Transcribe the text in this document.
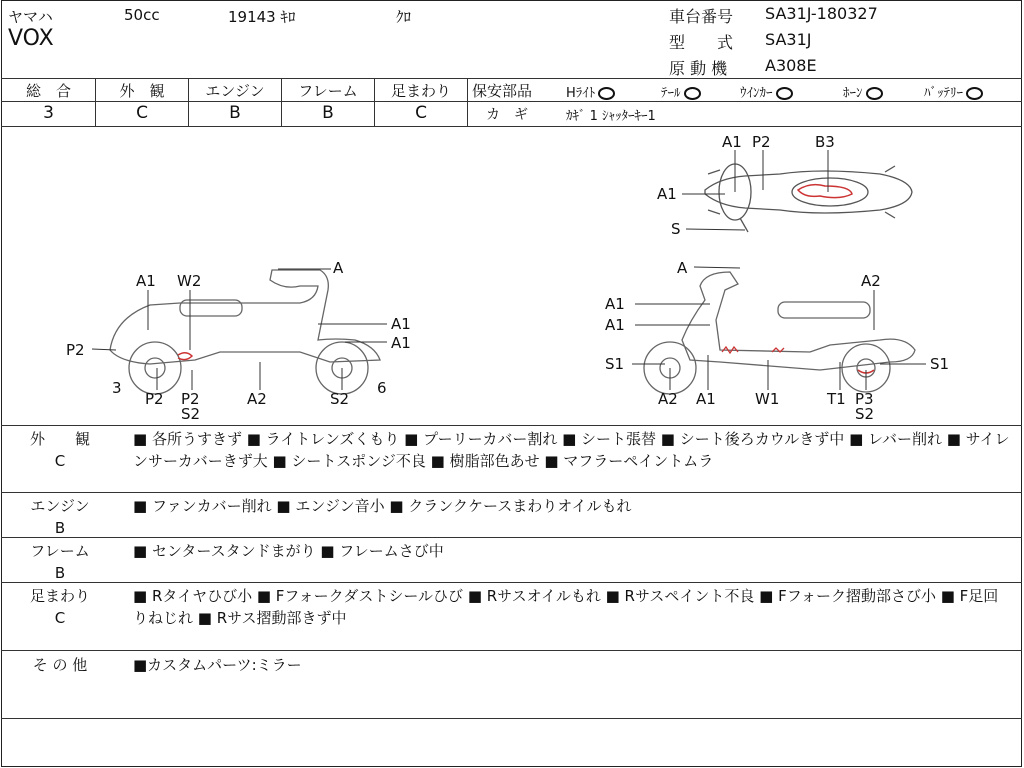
ヤマハ	50cc	19143 ｷﾛ	ｸﾛ
VOX
車台番号 SA31J-180327
型　　式 SA31J
原 動 機 A308E
総　合	外　観	エンジン	フレーム	足まわり
3	C	B	B	C
保安部品	Hﾗｲﾄ	ﾃｰﾙ	ｳｲﾝｶｰ	ﾎｰﾝ	ﾊﾞｯﾃﾘｰ
カ　ギ	ｶｷﾞ 1 ｼｬｯﾀｰｷｰ1
A1 P2	B3
A1
S
A
A1 W2
A1
A1
P2
3
P2 P2
S2
A2	S2
6
A
A2
A1
A1
S1	S1
A2 A1	W1	T1 P3
S2
外　　観
C
■ 各所うすきず ■ ライトレンズくもり ■ プーリーカバー割れ ■ シート張替 ■ シート後ろカウルきず中 ■ レバー削れ ■ サイレンサーカバーきず大 ■ シートスポンジ不良 ■ 樹脂部色あせ ■ マフラーペイントムラ
エンジン
B
■ ファンカバー削れ ■ エンジン音小 ■ クランクケースまわりオイルもれ
フレーム
B
■ センタースタンドまがり ■ フレームさび中
足まわり
C
■ Rタイヤひび小 ■ Fフォークダストシールひび ■ Rサスオイルもれ ■ Rサスペイント不良 ■ Fフォーク摺動部さび小 ■ F足回りねじれ ■ Rサス摺動部きず中
そ の 他	■カスタムパーツ:ミラー
